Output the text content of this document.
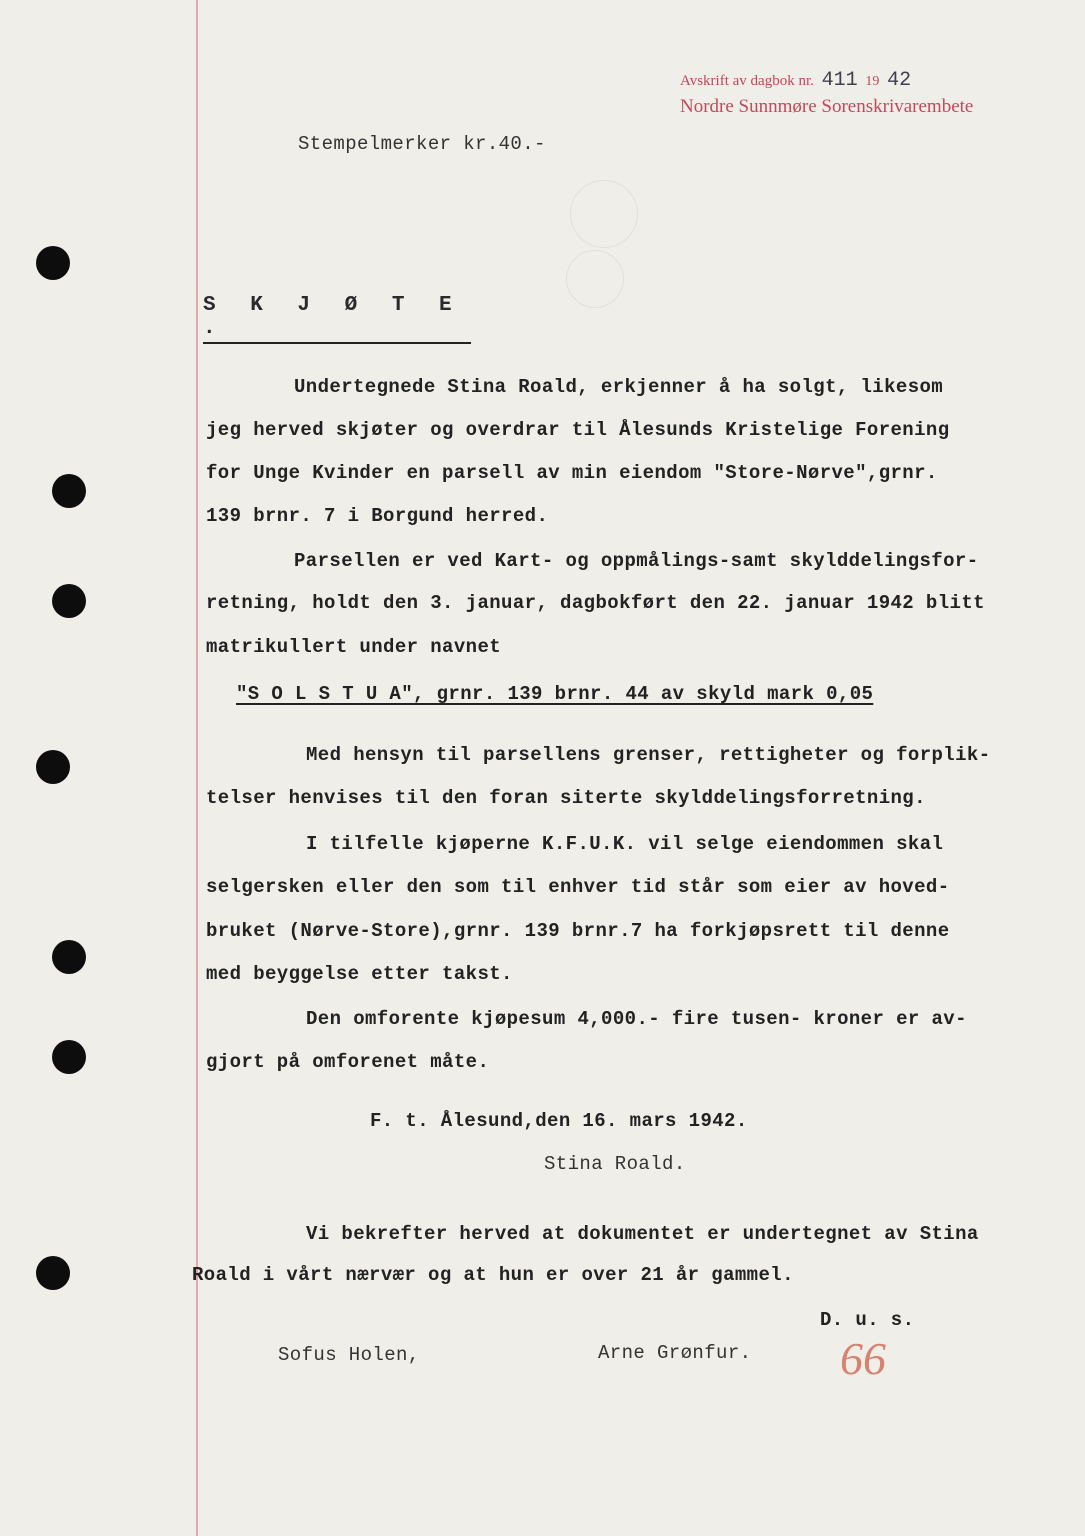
Avskrift av dagbok nr. 411 19 42
Nordre Sunnmøre Sorenskrivarembete
Stempelmerker kr.40.-
S K J Ø T E .
Undertegnede Stina Roald, erkjenner å ha solgt, likesom
jeg herved skjøter og overdrar til Ålesunds Kristelige Forening
for Unge Kvinder en parsell av min eiendom "Store-Nørve",grnr.
139 brnr. 7 i Borgund herred.
Parsellen er ved Kart- og oppmålings-samt skylddelingsfor-
retning, holdt den 3. januar, dagbokført den 22. januar 1942 blitt
matrikullert under navnet
"S O L S T U A", grnr. 139 brnr. 44 av skyld mark 0,05
Med hensyn til parsellens grenser, rettigheter og forplik-
telser henvises til den foran siterte skylddelingsforretning.
I tilfelle kjøperne K.F.U.K. vil selge eiendommen skal
selgersken eller den som til enhver tid står som eier av hoved-
bruket (Nørve-Store),grnr. 139 brnr.7 ha forkjøpsrett til denne
med beyggelse etter takst.
Den omforente kjøpesum 4,000.- fire tusen- kroner er av-
gjort på omforenet måte.
F. t. Ålesund,den 16. mars 1942.
Stina Roald.
Vi bekrefter herved at dokumentet er undertegnet av Stina
Roald i vårt nærvær og at hun er over 21 år gammel.
D. u. s.
Sofus Holen,	Arne Grønfur. 66
